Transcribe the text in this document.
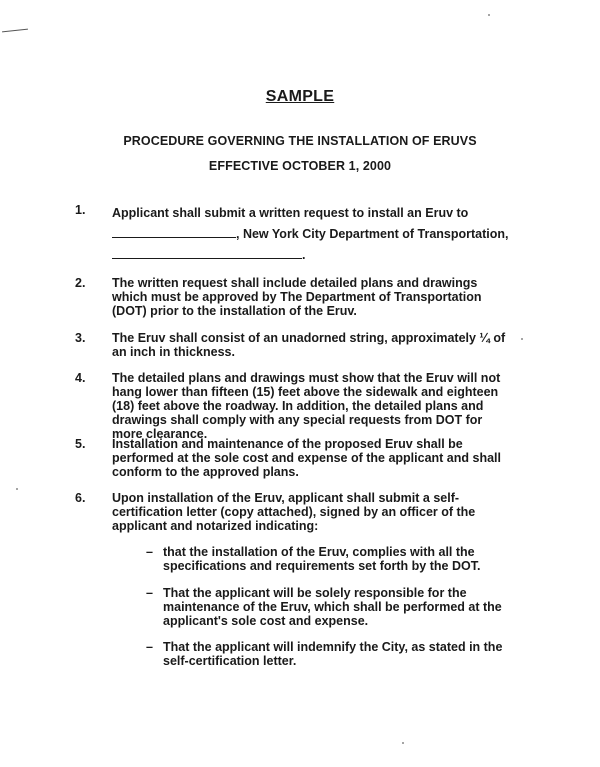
SAMPLE
PROCEDURE GOVERNING THE INSTALLATION OF ERUVS
EFFECTIVE OCTOBER 1, 2000
1. Applicant shall submit a written request to install an Eruv to
, New York City Department of Transportation,
.
2. The written request shall include detailed plans and drawings which must be approved by The Department of Transportation (DOT) prior to the installation of the Eruv.
3. The Eruv shall consist of an unadorned string, approximately ¼ of an inch in thickness.
4. The detailed plans and drawings must show that the Eruv will not hang lower than fifteen (15) feet above the sidewalk and eighteen (18) feet above the roadway. In addition, the detailed plans and drawings shall comply with any special requests from DOT for more clearance.
5. Installation and maintenance of the proposed Eruv shall be performed at the sole cost and expense of the applicant and shall conform to the approved plans.
6. Upon installation of the Eruv, applicant shall submit a self-certification letter (copy attached), signed by an officer of the applicant and notarized indicating:
– that the installation of the Eruv, complies with all the specifications and requirements set forth by the DOT.
– That the applicant will be solely responsible for the maintenance of the Eruv, which shall be performed at the applicant's sole cost and expense.
– That the applicant will indemnify the City, as stated in the self-certification letter.
